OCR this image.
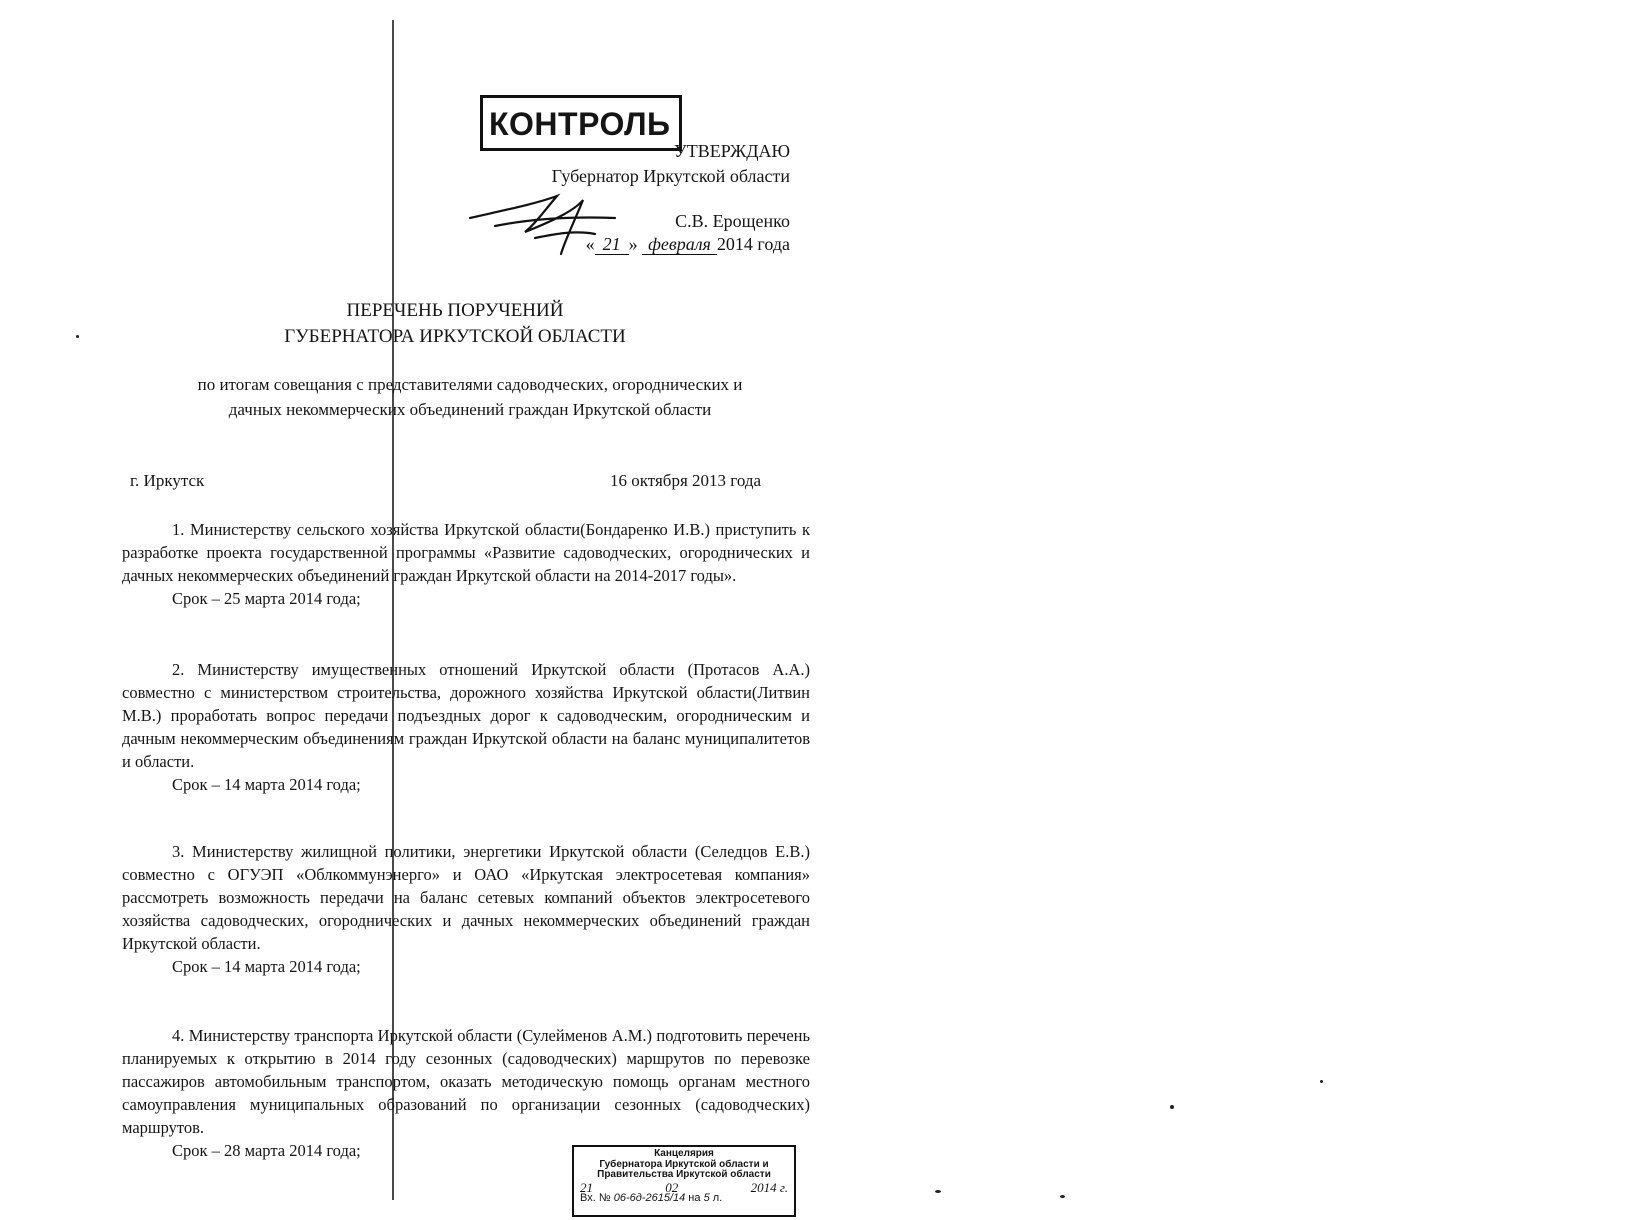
КОНТРОЛЬ
УТВЕРЖДАЮ
Губернатор Иркутской области
С.В. Ерощенко
« 21 » февраля 2014 года
ПЕРЕЧЕНЬ ПОРУЧЕНИЙ
ГУБЕРНАТОРА ИРКУТСКОЙ ОБЛАСТИ
по итогам совещания с представителями садоводческих, огороднических и
дачных некоммерческих объединений граждан Иркутской области
г. Иркутск	16 октября 2013 года
1. Министерству сельского хозяйства Иркутской области(Бондаренко И.В.) приступить к разработке проекта государственной программы «Развитие садоводческих, огороднических и дачных некоммерческих объединений граждан Иркутской области на 2014-2017 годы».
Срок – 25 марта 2014 года;
2. Министерству имущественных отношений Иркутской области (Протасов А.А.) совместно с министерством строительства, дорожного хозяйства Иркутской области(Литвин М.В.) проработать вопрос передачи подъездных дорог к садоводческим, огородническим и дачным некоммерческим объединениям граждан Иркутской области на баланс муниципалитетов и области.
Срок – 14 марта 2014 года;
3. Министерству жилищной политики, энергетики Иркутской области (Селедцов Е.В.) совместно с ОГУЭП «Облкоммунэнерго» и ОАО «Иркутская электросетевая компания» рассмотреть возможность передачи на баланс сетевых компаний объектов электросетевого хозяйства садоводческих, огороднических и дачных некоммерческих объединений граждан Иркутской области.
Срок – 14 марта 2014 года;
4. Министерству транспорта Иркутской области (Сулейменов А.М.) подготовить перечень планируемых к открытию в 2014 году сезонных (садоводческих) маршрутов по перевозке пассажиров автомобильным транспортом, оказать методическую помощь органам местного самоуправления муниципальных образований по организации сезонных (садоводческих) маршрутов.
Срок – 28 марта 2014 года;	Канцелярия
Губернатора Иркутской области и
Правительства Иркутской области
21	02	2014 г.
Вх. № 06-6д-2615/14 на 5 л.
